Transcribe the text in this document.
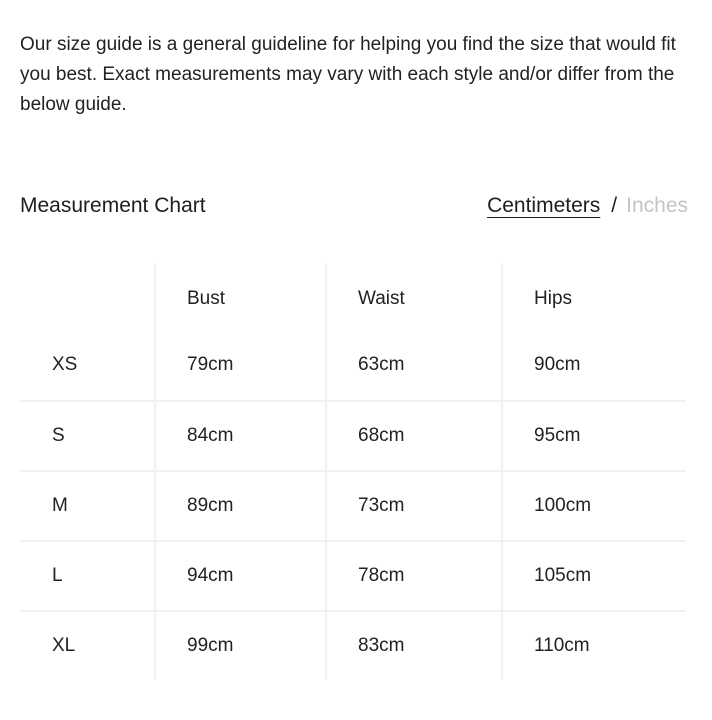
Our size guide is a general guideline for helping you find the size that would fit you best. Exact measurements may vary with each style and/or differ from the below guide.

Measurement Chart	Centimeters / Inches
	Bust	Waist	Hips
XS	79cm	63cm	90cm
S	84cm	68cm	95cm
M	89cm	73cm	100cm
L	94cm	78cm	105cm
XL	99cm	83cm	110cm
